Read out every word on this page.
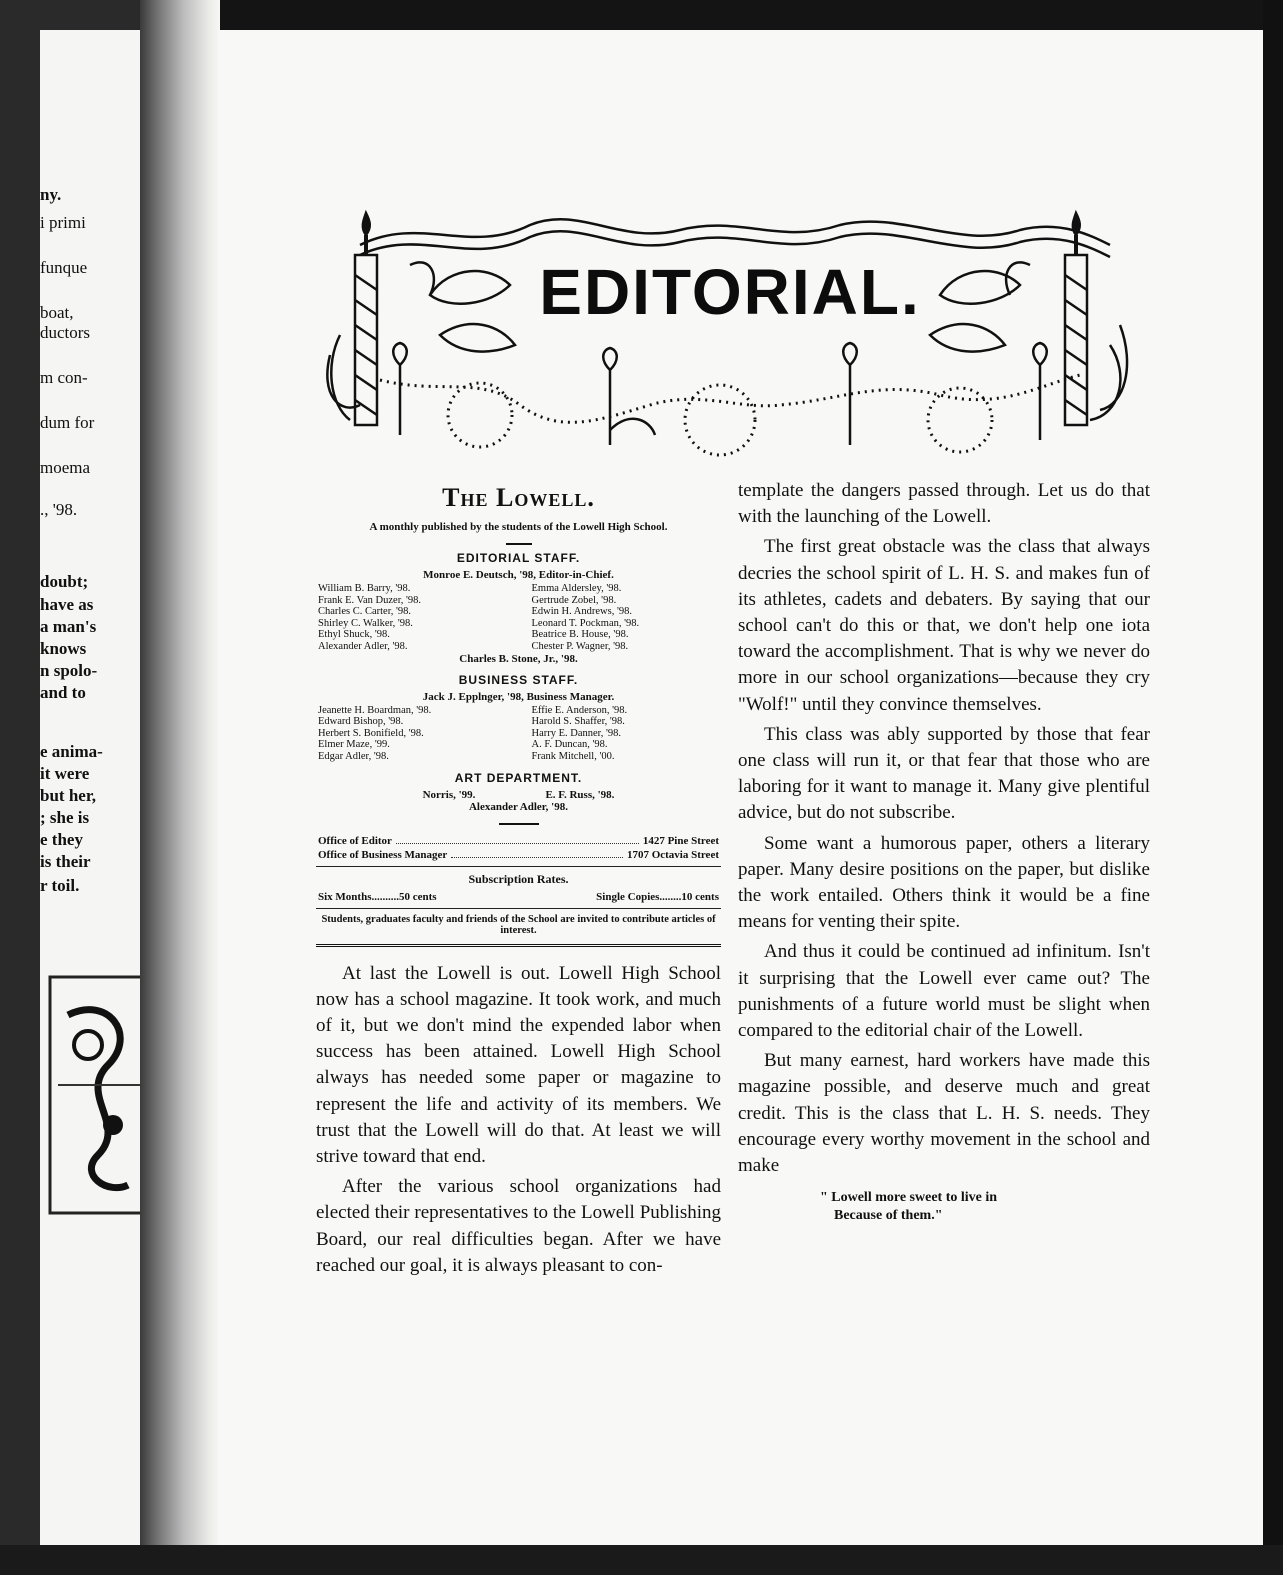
ny.
i primi
funque
boat,
ductors
m con-
dum for
moema
., '98.
doubt;
have as
a man's
knows
n spolo-
and to
e anima-
it were
but her,
; she is
e they
is their
r toil.
EDITORIAL.
The Lowell.
A monthly published by the students of the Lowell High School.
EDITORIAL STAFF.
Monroe E. Deutsch, '98, Editor-in-Chief.
William B. Barry, '98.	Emma Aldersley, '98.
Frank E. Van Duzer, '98.	Gertrude Zobel, '98.
Charles C. Carter, '98.	Edwin H. Andrews, '98.
Shirley C. Walker, '98.	Leonard T. Pockman, '98.
Ethyl Shuck, '98.	Beatrice B. House, '98.
Alexander Adler, '98.	Chester P. Wagner, '98.
Charles B. Stone, Jr., '98.
BUSINESS STAFF.
Jack J. Epplnger, '98, Business Manager.
Jeanette H. Boardman, '98.	Effie E. Anderson, '98.
Edward Bishop, '98.	Harold S. Shaffer, '98.
Herbert S. Bonifield, '98.	Harry E. Danner, '98.
Elmer Maze, '99.	A. F. Duncan, '98.
Edgar Adler, '98.	Frank Mitchell, '00.
ART DEPARTMENT.
Norris, '99.	E. F. Russ, '98.
Alexander Adler, '98.
Office of Editor	1427 Pine Street
Office of Business Manager	1707 Octavia Street
Subscription Rates.
Six Months..........50 cents	Single Copies........10 cents
Students, graduates faculty and friends of the School are invited to contribute articles of interest.

At last the Lowell is out. Lowell High School now has a school magazine. It took work, and much of it, but we don't mind the expended labor when success has been attained. Lowell High School always has needed some paper or magazine to represent the life and activity of its members. We trust that the Lowell will do that. At least we will strive toward that end.

After the various school organizations had elected their representatives to the Lowell Publishing Board, our real difficulties began. After we have reached our goal, it is always pleasant to con-

template the dangers passed through. Let us do that with the launching of the Lowell.

The first great obstacle was the class that always decries the school spirit of L. H. S. and makes fun of its athletes, cadets and debaters. By saying that our school can't do this or that, we don't help one iota toward the accomplishment. That is why we never do more in our school organizations—because they cry "Wolf!" until they convince themselves.

This class was ably supported by those that fear one class will run it, or that fear that those who are laboring for it want to manage it. Many give plentiful advice, but do not subscribe.

Some want a humorous paper, others a literary paper. Many desire positions on the paper, but dislike the work entailed. Others think it would be a fine means for venting their spite.

And thus it could be continued ad infinitum. Isn't it surprising that the Lowell ever came out? The punishments of a future world must be slight when compared to the editorial chair of the Lowell.

But many earnest, hard workers have made this magazine possible, and deserve much and great credit. This is the class that L. H. S. needs. They encourage every worthy movement in the school and make

" Lowell more sweet to live in
Because of them."
